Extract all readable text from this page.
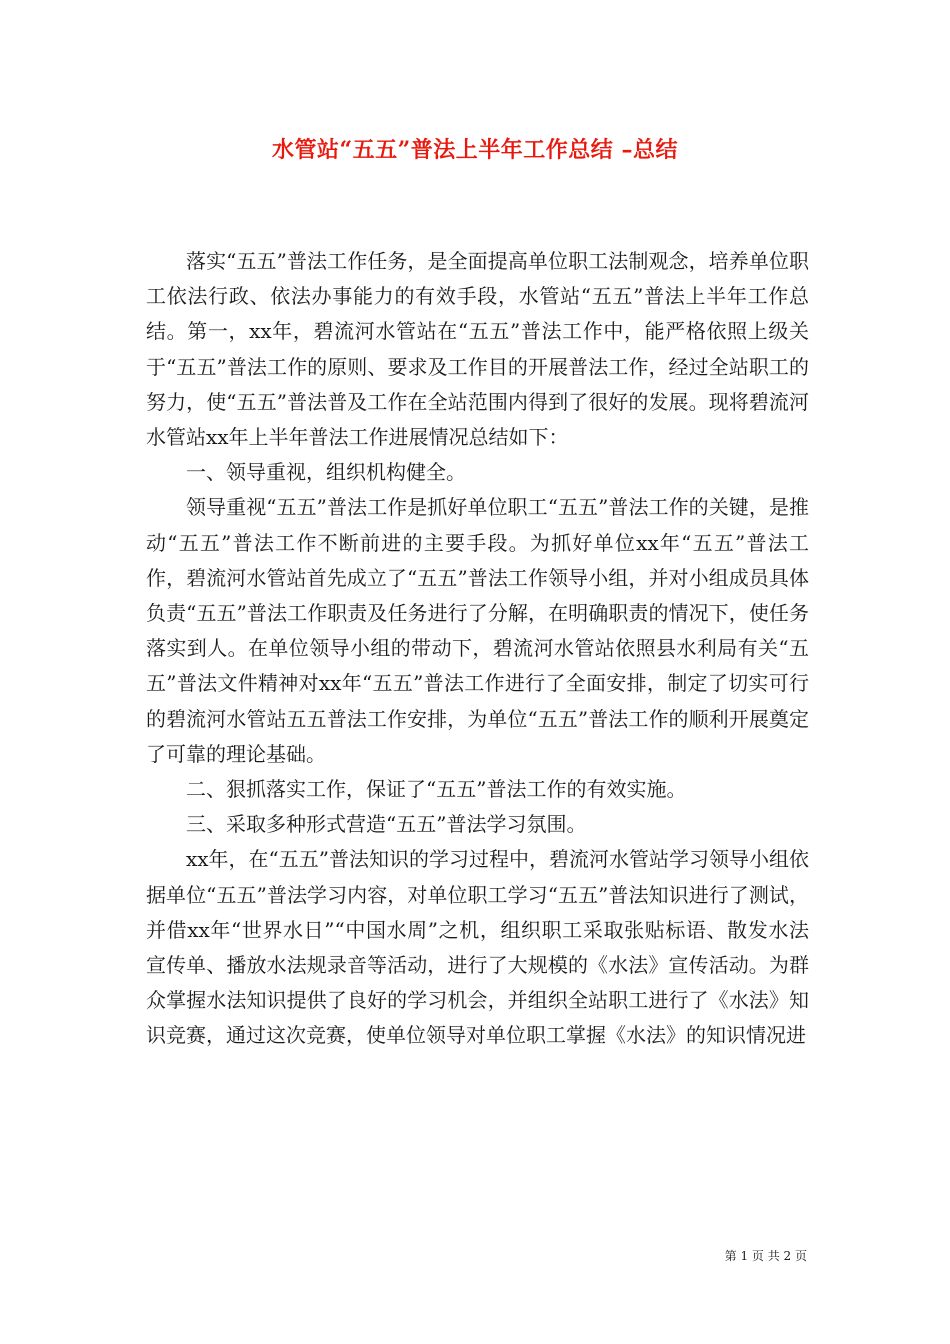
水管站“五五”普法上半年工作总结 –总结

落实“五五”普法工作任务，是全面提高单位职工法制观念，培养单位职工依法行政、依法办事能力的有效手段，水管站“五五”普法上半年工作总结。第一，xx年，碧流河水管站在“五五”普法工作中，能严格依照上级关于“五五”普法工作的原则、要求及工作目的开展普法工作，经过全站职工的努力，使“五五”普法普及工作在全站范围内得到了很好的发展。现将碧流河水管站xx年上半年普法工作进展情况总结如下：

一、领导重视，组织机构健全。

领导重视“五五”普法工作是抓好单位职工“五五”普法工作的关键，是推动“五五”普法工作不断前进的主要手段。为抓好单位xx年“五五”普法工作，碧流河水管站首先成立了“五五”普法工作领导小组，并对小组成员具体负责“五五”普法工作职责及任务进行了分解，在明确职责的情况下，使任务落实到人。在单位领导小组的带动下，碧流河水管站依照县水利局有关“五五”普法文件精神对xx年“五五”普法工作进行了全面安排，制定了切实可行的碧流河水管站五五普法工作安排，为单位“五五”普法工作的顺利开展奠定了可靠的理论基础。

二、狠抓落实工作，保证了“五五”普法工作的有效实施。

三、采取多种形式营造“五五”普法学习氛围。

xx年，在“五五”普法知识的学习过程中，碧流河水管站学习领导小组依据单位“五五”普法学习内容，对单位职工学习“五五”普法知识进行了测试，并借xx年“世界水日”“中国水周”之机，组织职工采取张贴标语、散发水法宣传单、播放水法规录音等活动，进行了大规模的《水法》宣传活动。为群众掌握水法知识提供了良好的学习机会，并组织全站职工进行了《水法》知识竞赛，通过这次竞赛，使单位领导对单位职工掌握《水法》的知识情况进

第 1 页 共 2 页
